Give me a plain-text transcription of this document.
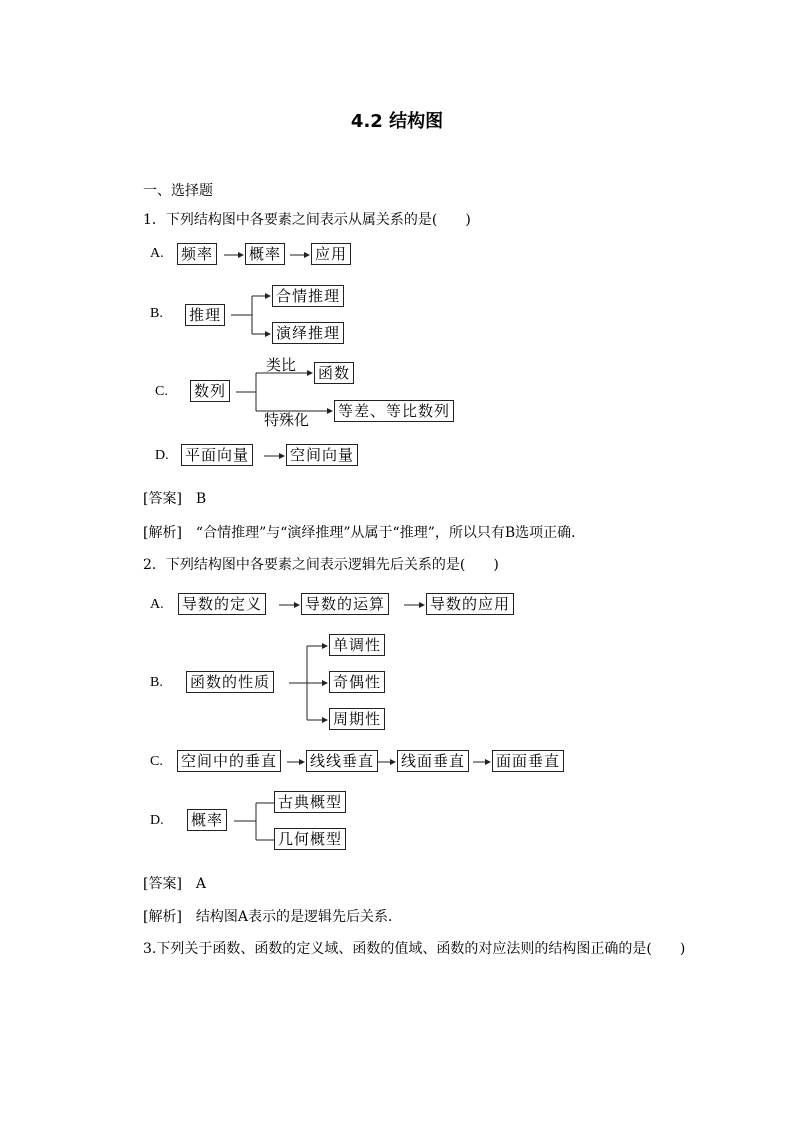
4.2 结构图
一、选择题
1．下列结构图中各要素之间表示从属关系的是(　　)
A. 频率 概率 应用
B. 推理
合情推理
演绎推理
C. 数列
类比 函数
特殊化 等差、等比数列
D. 平面向量	空间向量
[答案]　B
[解析]　“合情推理”与“演绎推理”从属于“推理”，所以只有B选项正确．
2．下列结构图中各要素之间表示逻辑先后关系的是(　　)
A. 导数的定义	导数的运算	导数的应用
B. 函数的性质
单调性
奇偶性
周期性
C. 空间中的垂直 线线垂直 线面垂直 面面垂直
D. 概率
古典概型
几何概型
[答案]　A
[解析]　结构图A表示的是逻辑先后关系．
3.下列关于函数、函数的定义域、函数的值域、函数的对应法则的结构图正确的是(　　)
